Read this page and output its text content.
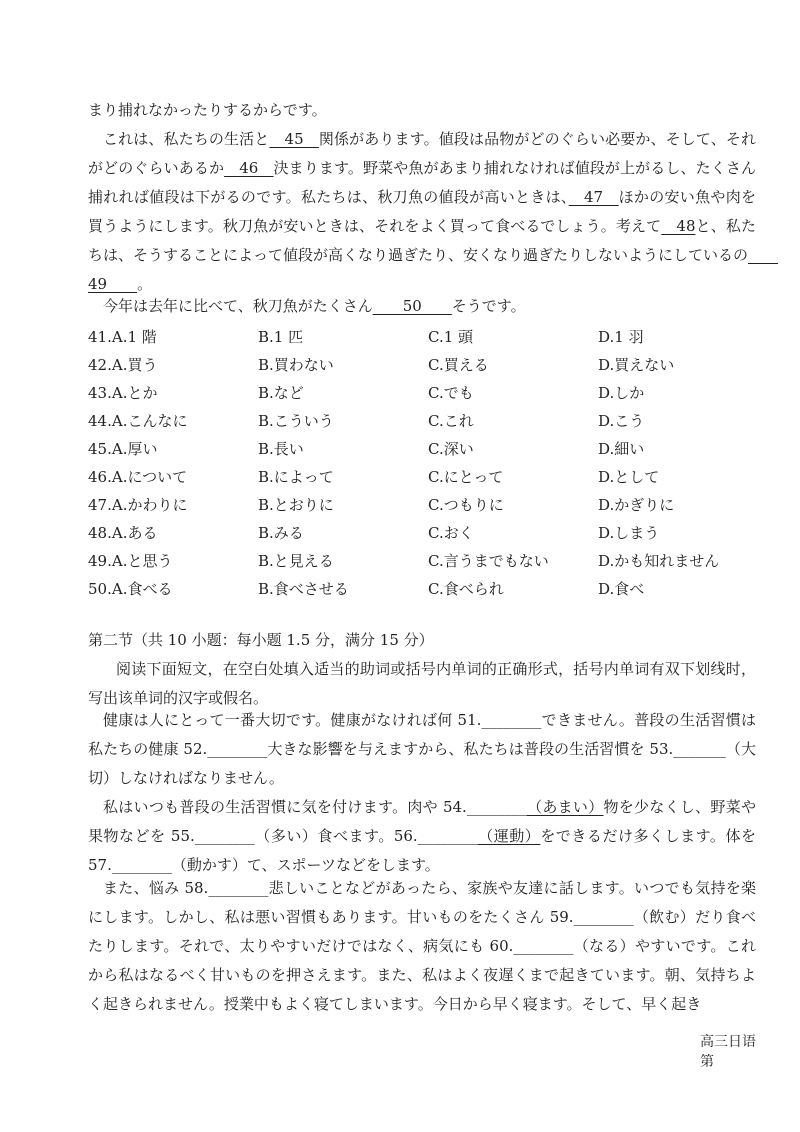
まり捕れなかったりするからです。

これは、私たちの生活と　45　関係があります。値段は品物がどのぐらい必要か、そして、それがどのぐらいあるか　46　決まります。野菜や魚があまり捕れなければ値段が上がるし、たくさん捕れれば値段は下がるのです。私たちは、秋刀魚の値段が高いときは、　47　ほかの安い魚や肉を買うようにします。秋刀魚が安いときは、それをよく買って食べるでしょう。考えて　48と、私たちは、そうすることによって値段が高くなり過ぎたり、安くなり過ぎたりしないようにしているの　　49　　。

今年は去年に比べて、秋刀魚がたくさん　　50　　そうです。

41.A.1 階	B.1 匹	C.1 頭	D.1 羽
42.A.買う	B.買わない	C.買える	D.買えない
43.A.とか	B.など	C.でも	D.しか
44.A.こんなに	B.こういう	C.これ	D.こう
45.A.厚い	B.長い	C.深い	D.細い
46.A.について	B.によって	C.にとって	D.として
47.A.かわりに	B.とおりに	C.つもりに	D.かぎりに
48.A.ある	B.みる	C.おく	D.しまう
49.A.と思う	B.と見える	C.言うまでもない	D.かも知れません
50.A.食べる	B.食べさせる	C.食べられ	D.食べ

第二节（共 10 小题：每小题 1.5 分，满分 15 分）

阅读下面短文，在空白处填入适当的助词或括号内单词的正确形式，括号内单词有双下划线时，写出该单词的汉字或假名。

健康は人にとって一番大切です。健康がなければ何 51.________できません。普段の生活習慣は私たちの健康 52.________大きな影響を与えますから、私たちは普段の生活習慣を 53._______（大切）しなければなりません。

私はいつも普段の生活習慣に気を付けます。肉や 54.________（あまい）物を少なくし、野菜や果物などを 55.________（多い）食べます。56.________（運動）をできるだけ多くします。体を 57.________（動かす）て、スポーツなどをします。

また、悩み 58.________悲しいことなどがあったら、家族や友達に話します。いつでも気持を楽にします。しかし、私は悪い習慣もあります。甘いものをたくさん 59.________（飲む）だり食べたりします。それで、太りやすいだけではなく、病気にも 60.________（なる）やすいです。これから私はなるべく甘いものを押さえます。また、私はよく夜遅くまで起きています。朝、気持ちよく起きられません。授業中もよく寝てしまいます。今日から早く寝ます。そして、早く起き

高三日语第
